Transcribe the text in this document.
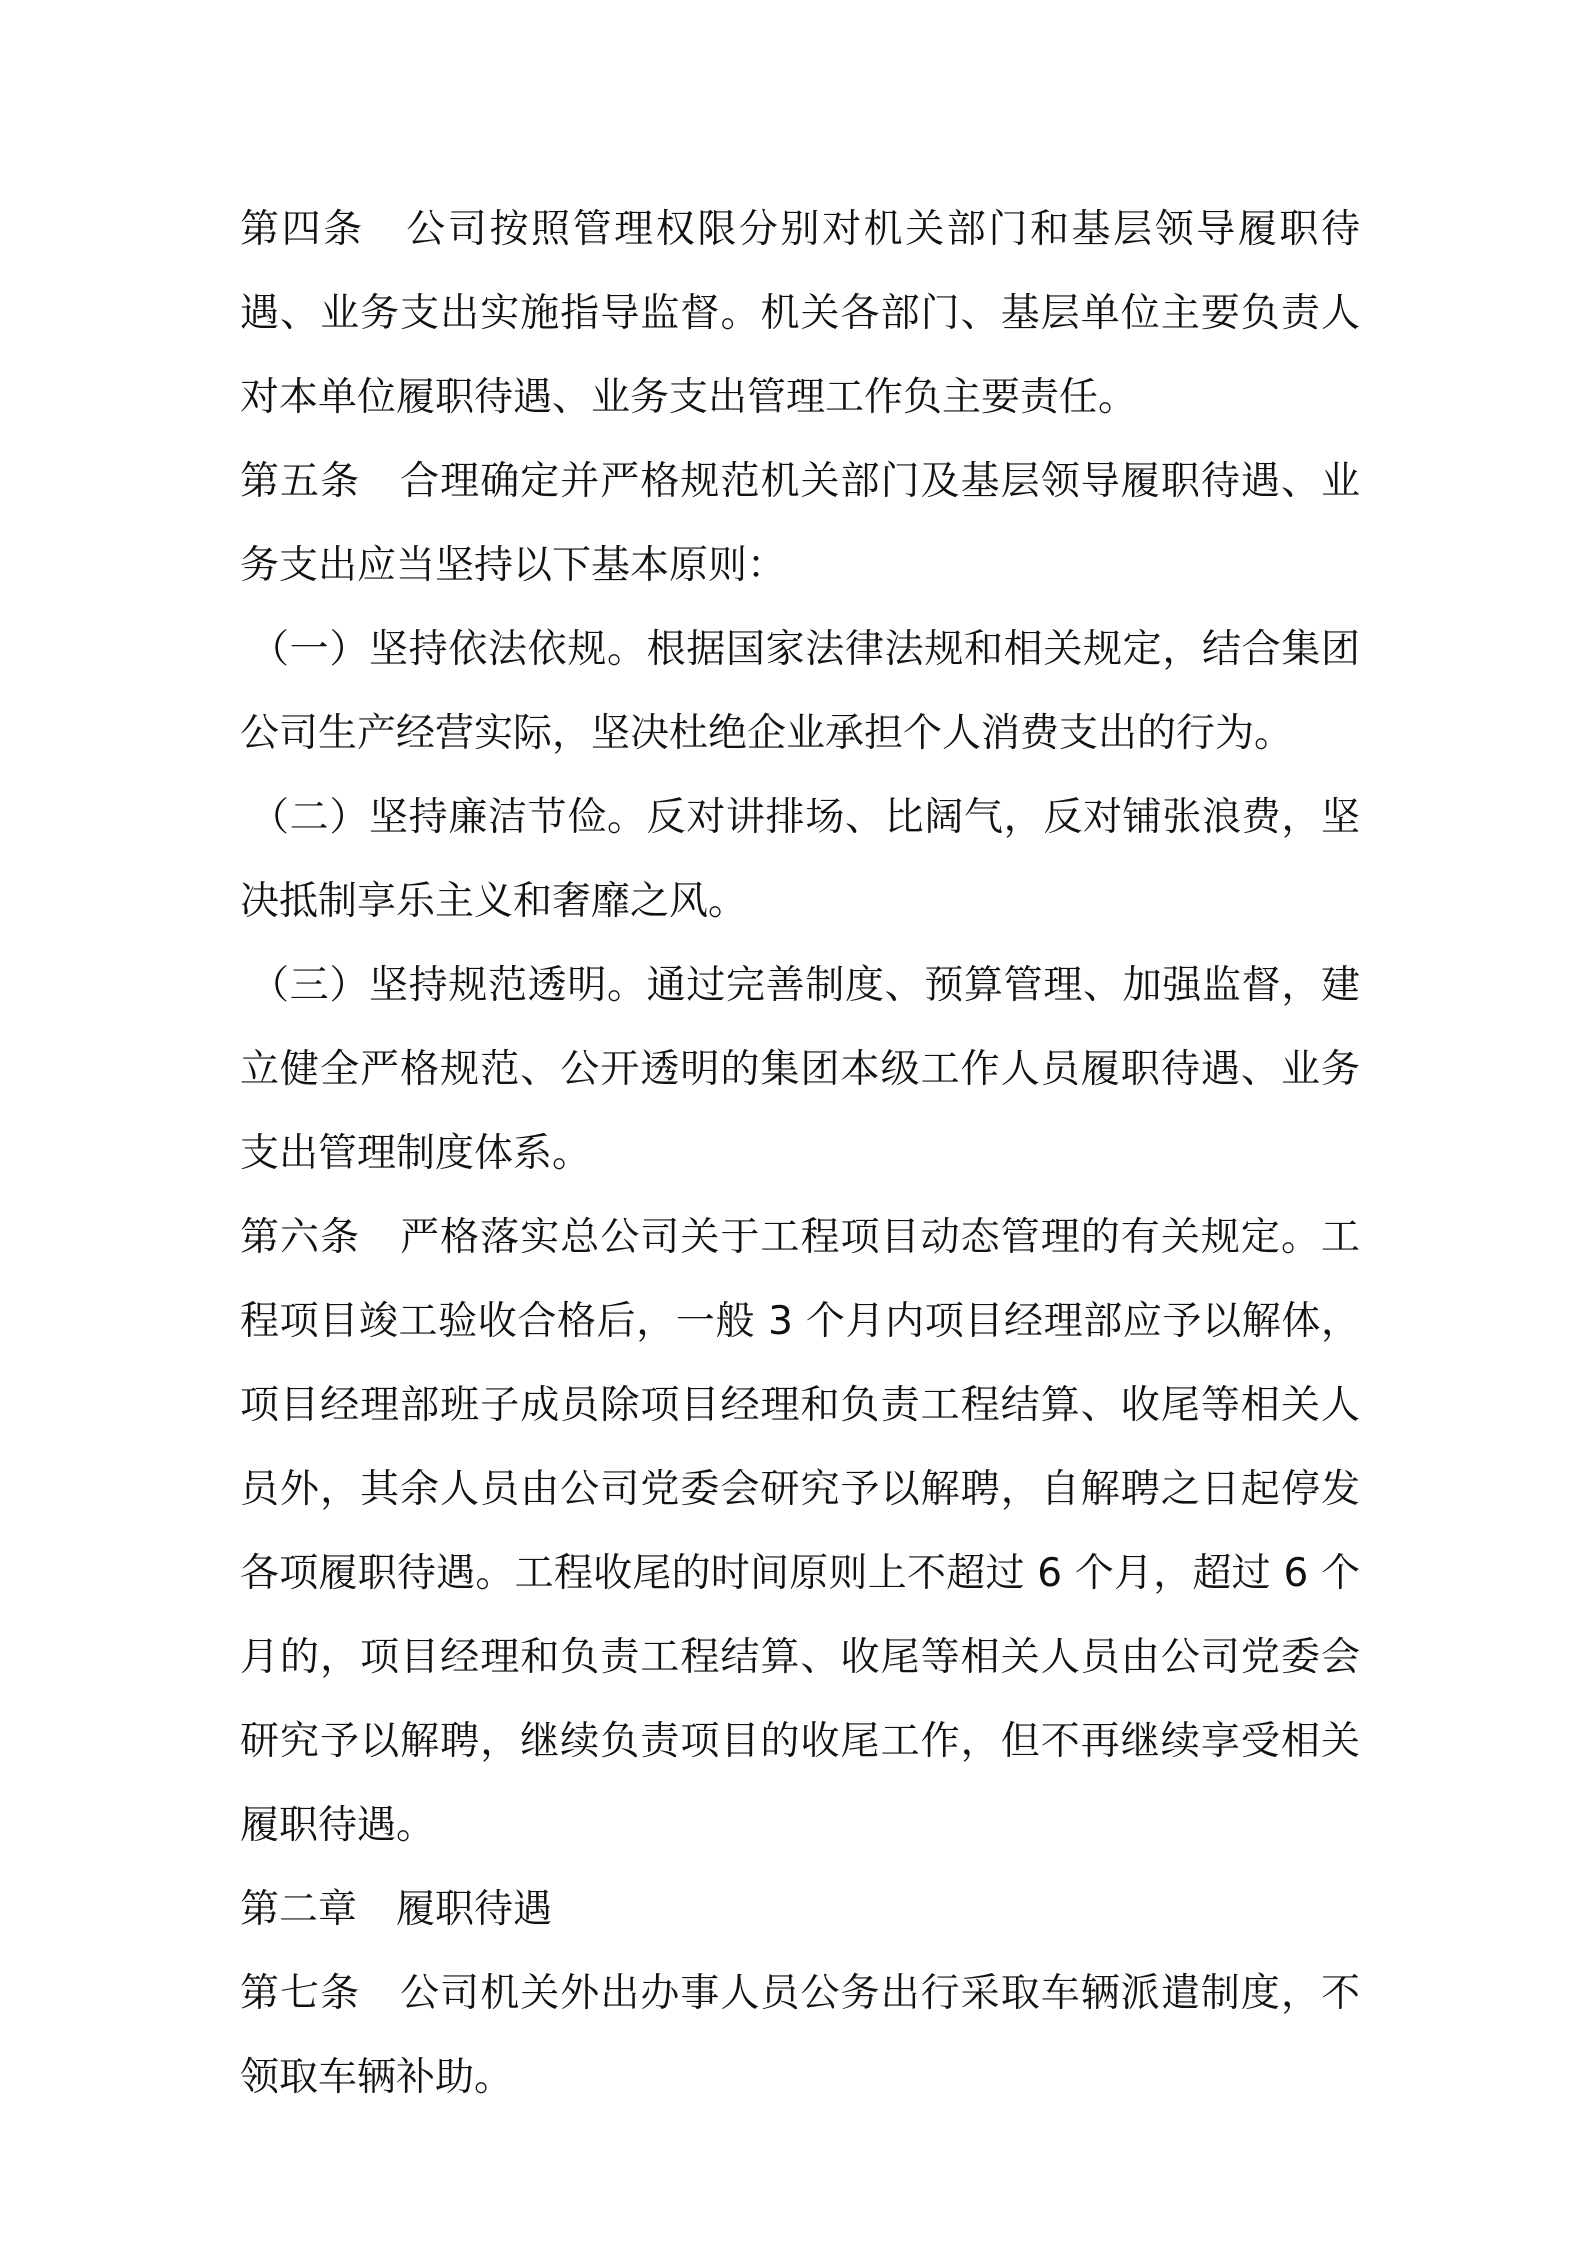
第四条　公司按照管理权限分别对机关部门和基层领导履职待遇、业务支出实施指导监督。机关各部门、基层单位主要负责人对本单位履职待遇、业务支出管理工作负主要责任。

第五条　合理确定并严格规范机关部门及基层领导履职待遇、业务支出应当坚持以下基本原则：

（一）坚持依法依规。根据国家法律法规和相关规定，结合集团公司生产经营实际，坚决杜绝企业承担个人消费支出的行为。

（二）坚持廉洁节俭。反对讲排场、比阔气，反对铺张浪费，坚决抵制享乐主义和奢靡之风。

（三）坚持规范透明。通过完善制度、预算管理、加强监督，建立健全严格规范、公开透明的集团本级工作人员履职待遇、业务支出管理制度体系。

第六条　严格落实总公司关于工程项目动态管理的有关规定。工程项目竣工验收合格后，一般 3 个月内项目经理部应予以解体，项目经理部班子成员除项目经理和负责工程结算、收尾等相关人员外，其余人员由公司党委会研究予以解聘，自解聘之日起停发各项履职待遇。工程收尾的时间原则上不超过 6 个月，超过 6 个月的，项目经理和负责工程结算、收尾等相关人员由公司党委会研究予以解聘，继续负责项目的收尾工作，但不再继续享受相关履职待遇。

第二章　履职待遇

第七条　公司机关外出办事人员公务出行采取车辆派遣制度，不领取车辆补助。
